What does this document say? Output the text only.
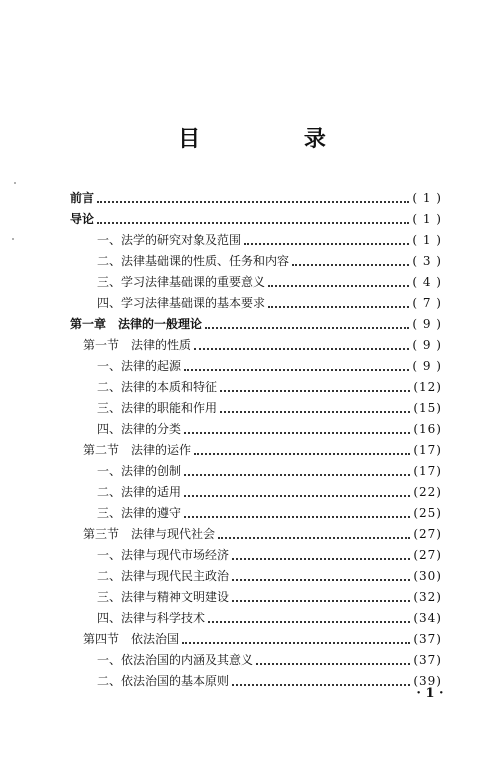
目 录
前言	( 1 )
导论	( 1 )
一、法学的研究对象及范围	( 1 )
二、法律基础课的性质、任务和内容	( 3 )
三、学习法律基础课的重要意义	( 4 )
四、学习法律基础课的基本要求	( 7 )
第一章　法律的一般理论	( 9 )
第一节　法律的性质	( 9 )
一、法律的起源	( 9 )
二、法律的本质和特征	(12)
三、法律的职能和作用	(15)
四、法律的分类	(16)
第二节　法律的运作	(17)
一、法律的创制	(17)
二、法律的适用	(22)
三、法律的遵守	(25)
第三节　法律与现代社会	(27)
一、法律与现代市场经济	(27)
二、法律与现代民主政治	(30)
三、法律与精神文明建设	(32)
四、法律与科学技术	(34)
第四节　依法治国	(37)
一、依法治国的内涵及其意义	(37)
二、依法治国的基本原则	(39)
· 1 ·
